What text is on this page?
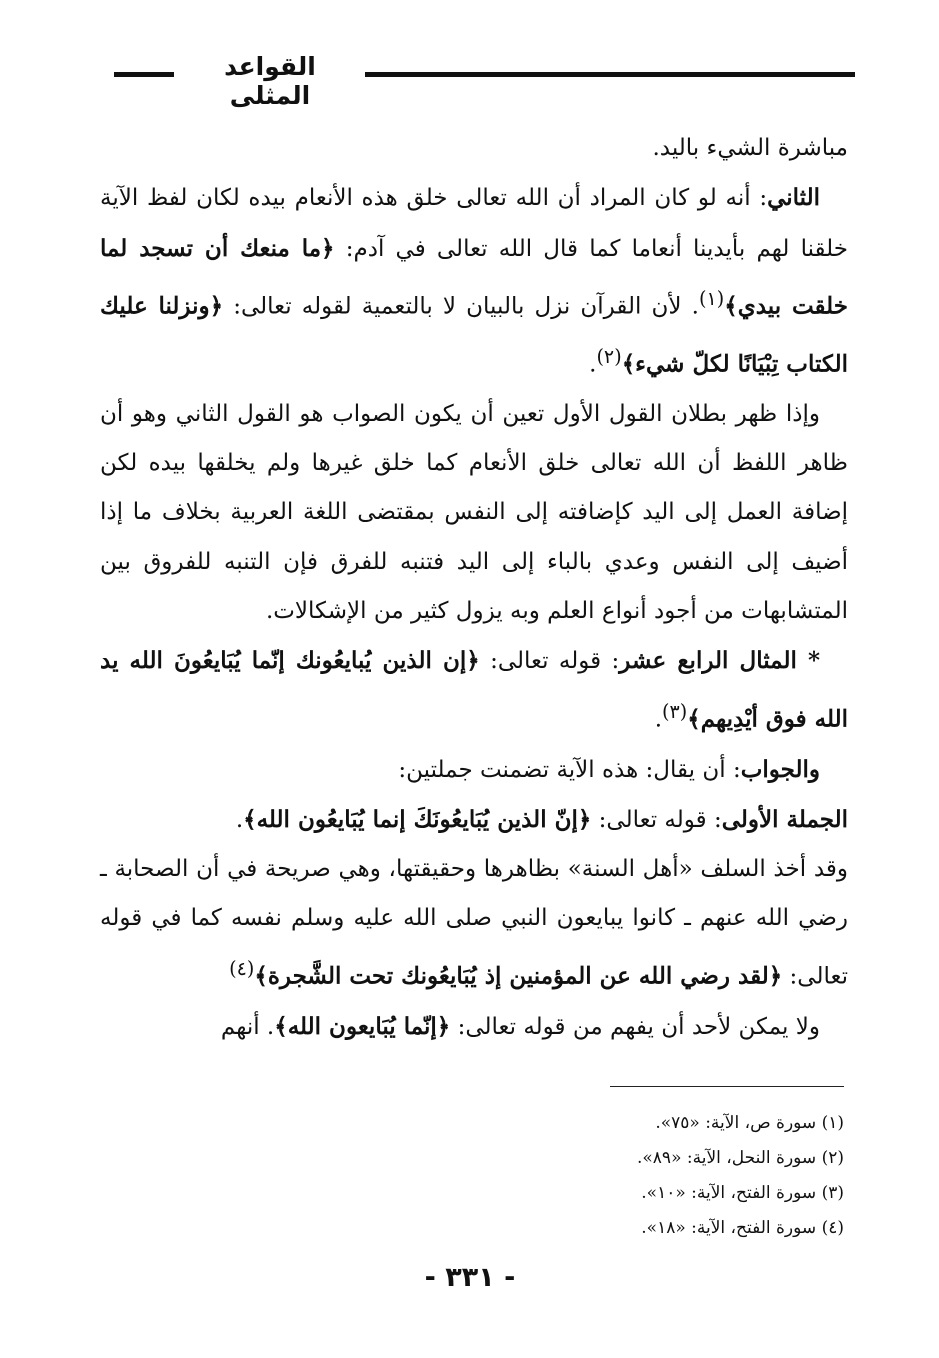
القواعد المثلى

مباشرة الشيء باليد.

الثاني: أنه لو كان المراد أن الله تعالى خلق هذه الأنعام بيده لكان لفظ الآية خلقنا لهم بأيدينا أنعاما كما قال الله تعالى في آدم: ﴿ما منعك أن تسجد لما خلقت بيدي﴾$^{(١)}$. لأن القرآن نزل بالبيان لا بالتعمية لقوله تعالى: ﴿ونزلنا عليك الكتاب تِبْيَانًا لكلّ شيء﴾$^{(٢)}$.

وإذا ظهر بطلان القول الأول تعين أن يكون الصواب هو القول الثاني وهو أن ظاهر اللفظ أن الله تعالى خلق الأنعام كما خلق غيرها ولم يخلقها بيده لكن إضافة العمل إلى اليد كإضافته إلى النفس بمقتضى اللغة العربية بخلاف ما إذا أضيف إلى النفس وعدي بالباء إلى اليد فتنبه للفرق فإن التنبه للفروق بين المتشابهات من أجود أنواع العلم وبه يزول كثير من الإشكالات.

* المثال الرابع عشر: قوله تعالى: ﴿إن الذين يُبايعُونك إنّما يُبَايعُونَ الله يد الله فوق أيْدِيهم﴾$^{(٣)}$.

والجواب: أن يقال: هذه الآية تضمنت جملتين:

الجملة الأولى: قوله تعالى: ﴿إنّ الذين يُبَايعُونَكَ إنما يُبَايعُون الله﴾.

وقد أخذ السلف «أهل السنة» بظاهرها وحقيقتها، وهي صريحة في أن الصحابة ـ رضي الله عنهم ـ كانوا يبايعون النبي صلى الله عليه وسلم نفسه كما في قوله تعالى: ﴿لقد رضي الله عن المؤمنين إذ يُبَايعُونك تحت الشَّجرة﴾$^{(٤)}$

ولا يمكن لأحد أن يفهم من قوله تعالى: ﴿إنّما يُبَايعون الله﴾. أنهم

(١) سورة ص، الآية: «٧٥».
(٢) سورة النحل، الآية: «٨٩».
(٣) سورة الفتح، الآية: «١٠».
(٤) سورة الفتح، الآية: «١٨».
- ٣٣١ -
